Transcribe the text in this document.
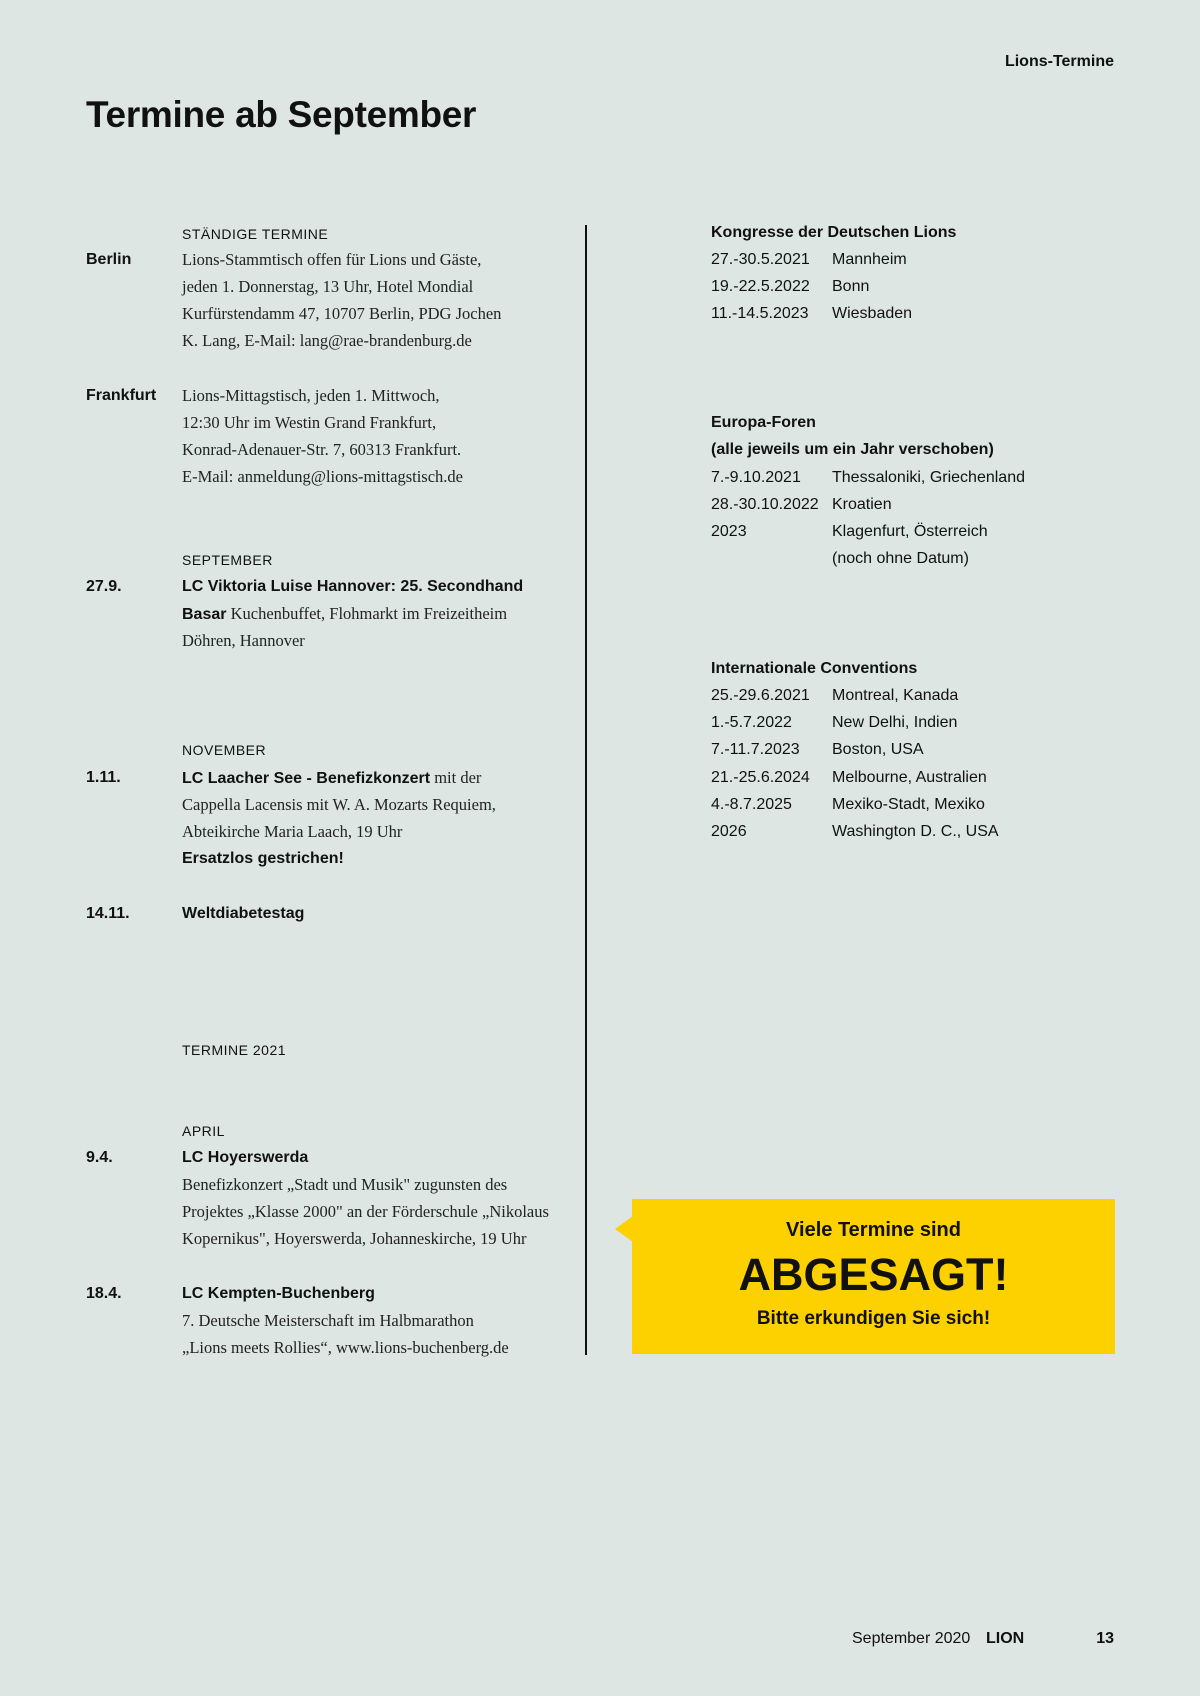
Lions-Termine
Termine ab September
STÄNDIGE TERMINE
Berlin	Lions-Stammtisch offen für Lions und Gäste,
jeden 1. Donnerstag, 13 Uhr, Hotel Mondial
Kurfürstendamm 47, 10707 Berlin, PDG Jochen
K. Lang, E-Mail: lang@rae-brandenburg.de
Frankfurt Lions-Mittagstisch, jeden 1. Mittwoch,
12:30 Uhr im Westin Grand Frankfurt,
Konrad-Adenauer-Str. 7, 60313 Frankfurt.
E-Mail: anmeldung@lions-mittagstisch.de
SEPTEMBER
27.9.	LC Viktoria Luise Hannover: 25. Secondhand
Basar Kuchenbuffet, Flohmarkt im Freizeitheim
Döhren, Hannover
NOVEMBER
1.11.	LC Laacher See - Benefizkonzert mit der
Cappella Lacensis mit W. A. Mozarts Requiem,
Abteikirche Maria Laach, 19 Uhr
Ersatzlos gestrichen!
14.11.	Weltdiabetestag
TERMINE 2021
APRIL
9.4.	LC Hoyerswerda
Benefizkonzert „Stadt und Musik" zugunsten des
Projektes „Klasse 2000" an der Förderschule „Nikolaus
Kopernikus", Hoyerswerda, Johanneskirche, 19 Uhr
18.4.	LC Kempten-Buchenberg
7. Deutsche Meisterschaft im Halbmarathon
„Lions meets Rollies“, www.lions-buchenberg.de
Kongresse der Deutschen Lions
27.-30.5.2021 Mannheim
19.-22.5.2022 Bonn
11.-14.5.2023 Wiesbaden
Europa-Foren
(alle jeweils um ein Jahr verschoben)
7.-9.10.2021 Thessaloniki, Griechenland
28.-30.10.2022 Kroatien
2023	Klagenfurt, Österreich
(noch ohne Datum)
Internationale Conventions
25.-29.6.2021 Montreal, Kanada
1.-5.7.2022	New Delhi, Indien
7.-11.7.2023 Boston, USA
21.-25.6.2024 Melbourne, Australien
4.-8.7.2025	Mexiko-Stadt, Mexiko
2026	Washington D. C., USA
Viele Termine sind
ABGESAGT!
Bitte erkundigen Sie sich!
September 2020 LION	13
